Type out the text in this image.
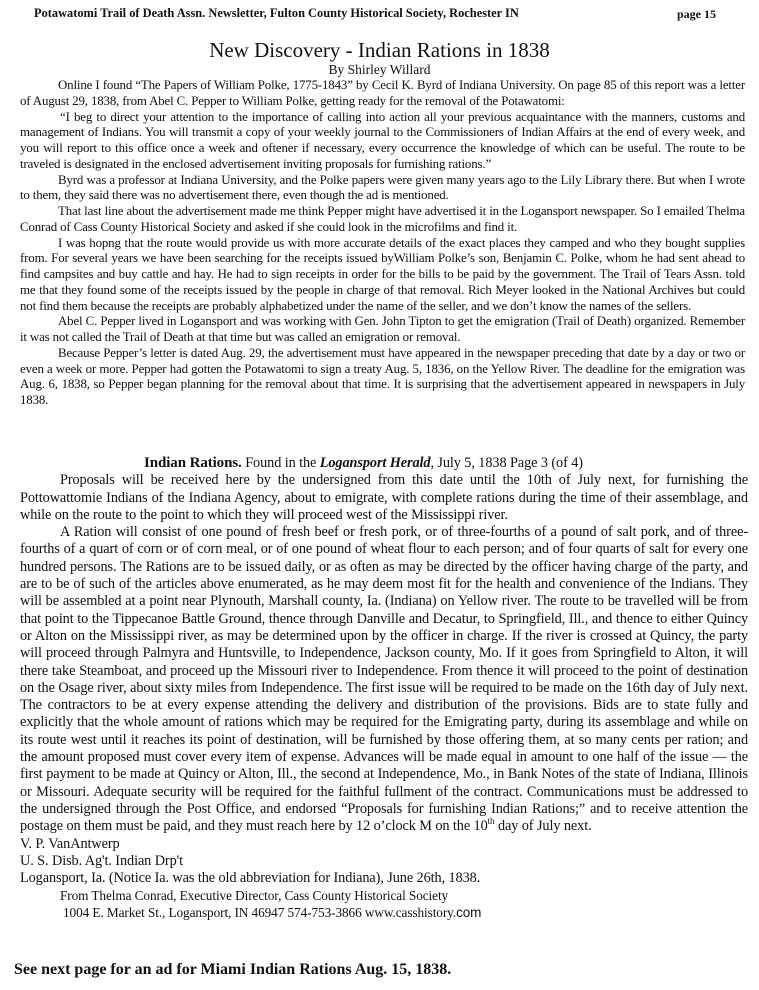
Potawatomi Trail of Death Assn. Newsletter, Fulton County Historical Society, Rochester IN	page 15
New Discovery - Indian Rations in 1838
By Shirley Willard

Online I found “The Papers of William Polke, 1775-1843” by Cecil K. Byrd of Indiana University. On page 85 of this report was a letter of August 29, 1838, from Abel C. Pepper to William Polke, getting ready for the removal of the Potawatomi:

“I beg to direct your attention to the importance of calling into action all your previous acquaintance with the manners, customs and management of Indians. You will transmit a copy of your weekly journal to the Commissioners of Indian Affairs at the end of every week, and you will report to this office once a week and oftener if necessary, every occurrence the knowledge of which can be useful. The route to be traveled is designated in the enclosed advertisement inviting proposals for furnishing rations.”

Byrd was a professor at Indiana University, and the Polke papers were given many years ago to the Lily Library there. But when I wrote to them, they said there was no advertisement there, even though the ad is mentioned.

That last line about the advertisement made me think Pepper might have advertised it in the Logansport newspaper. So I emailed Thelma Conrad of Cass County Historical Society and asked if she could look in the microfilms and find it.

I was hopng that the route would provide us with more accurate details of the exact places they camped and who they bought supplies from. For several years we have been searching for the receipts issued byWilliam Polke’s son, Benjamin C. Polke, whom he had sent ahead to find campsites and buy cattle and hay. He had to sign receipts in order for the bills to be paid by the government. The Trail of Tears Assn. told me that they found some of the receipts issued by the people in charge of that removal. Rich Meyer looked in the National Archives but could not find them because the receipts are probably alphabetized under the name of the seller, and we don’t know the names of the sellers.

Abel C. Pepper lived in Logansport and was working with Gen. John Tipton to get the emigration (Trail of Death) organized. Remember it was not called the Trail of Death at that time but was called an emigration or removal.

Because Pepper’s letter is dated Aug. 29, the advertisement must have appeared in the newspaper preceding that date by a day or two or even a week or more. Pepper had gotten the Potawatomi to sign a treaty Aug. 5, 1836, on the Yellow River. The deadline for the emigration was Aug. 6, 1838, so Pepper began planning for the removal about that time. It is surprising that the advertisement appeared in newspapers in July 1838.

Indian Rations. Found in the Logansport Herald, July 5, 1838 Page 3 (of 4)

Proposals will be received here by the undersigned from this date until the 10th of July next, for furnishing the Pottowattomie Indians of the Indiana Agency, about to emigrate, with complete rations during the time of their assemblage, and while on the route to the point to which they will proceed west of the Mississippi river.

A Ration will consist of one pound of fresh beef or fresh pork, or of three-fourths of a pound of salt pork, and of three-fourths of a quart of corn or of corn meal, or of one pound of wheat flour to each person; and of four quarts of salt for every one hundred persons. The Rations are to be issued daily, or as often as may be directed by the officer having charge of the party, and are to be of such of the articles above enumerated, as he may deem most fit for the health and convenience of the Indians. They will be assembled at a point near Plynouth, Marshall county, Ia. (Indiana) on Yellow river. The route to be travelled will be from that point to the Tippecanoe Battle Ground, thence through Danville and Decatur, to Springfield, Ill., and thence to either Quincy or Alton on the Mississippi river, as may be determined upon by the officer in charge. If the river is crossed at Quincy, the party will proceed through Palmyra and Huntsville, to Independence, Jackson county, Mo. If it goes from Springfield to Alton, it will there take Steamboat, and proceed up the Missouri river to Independence. From thence it will proceed to the point of destination on the Osage river, about sixty miles from Independence. The first issue will be required to be made on the 16th day of July next. The contractors to be at every expense attending the delivery and distribution of the provisions. Bids are to state fully and explicitly that the whole amount of rations which may be required for the Emigrating party, during its assemblage and while on its route west until it reaches its point of destination, will be furnished by those offering them, at so many cents per ration; and the amount proposed must cover every item of expense. Advances will be made equal in amount to one half of the issue — the first payment to be made at Quincy or Alton, Ill., the second at Independence, Mo., in Bank Notes of the state of Indiana, Illinois or Missouri. Adequate security will be required for the faithful fullment of the contract. Communications must be addressed to the undersigned through the Post Office, and endorsed “Proposals for furnishing Indian Rations;” and to receive attention the postage on them must be paid, and they must reach here by 12 o’clock M on the 10th day of July next.

V. P. VanAntwerp

U. S. Disb. Ag't. Indian Drp't

Logansport, Ia. (Notice Ia. was the old abbreviation for Indiana), June 26th, 1838.

From Thelma Conrad, Executive Director, Cass County Historical Society

1004 E. Market St., Logansport, IN 46947 574-753-3866 www.casshistory.com

See next page for an ad for Miami Indian Rations Aug. 15, 1838.
